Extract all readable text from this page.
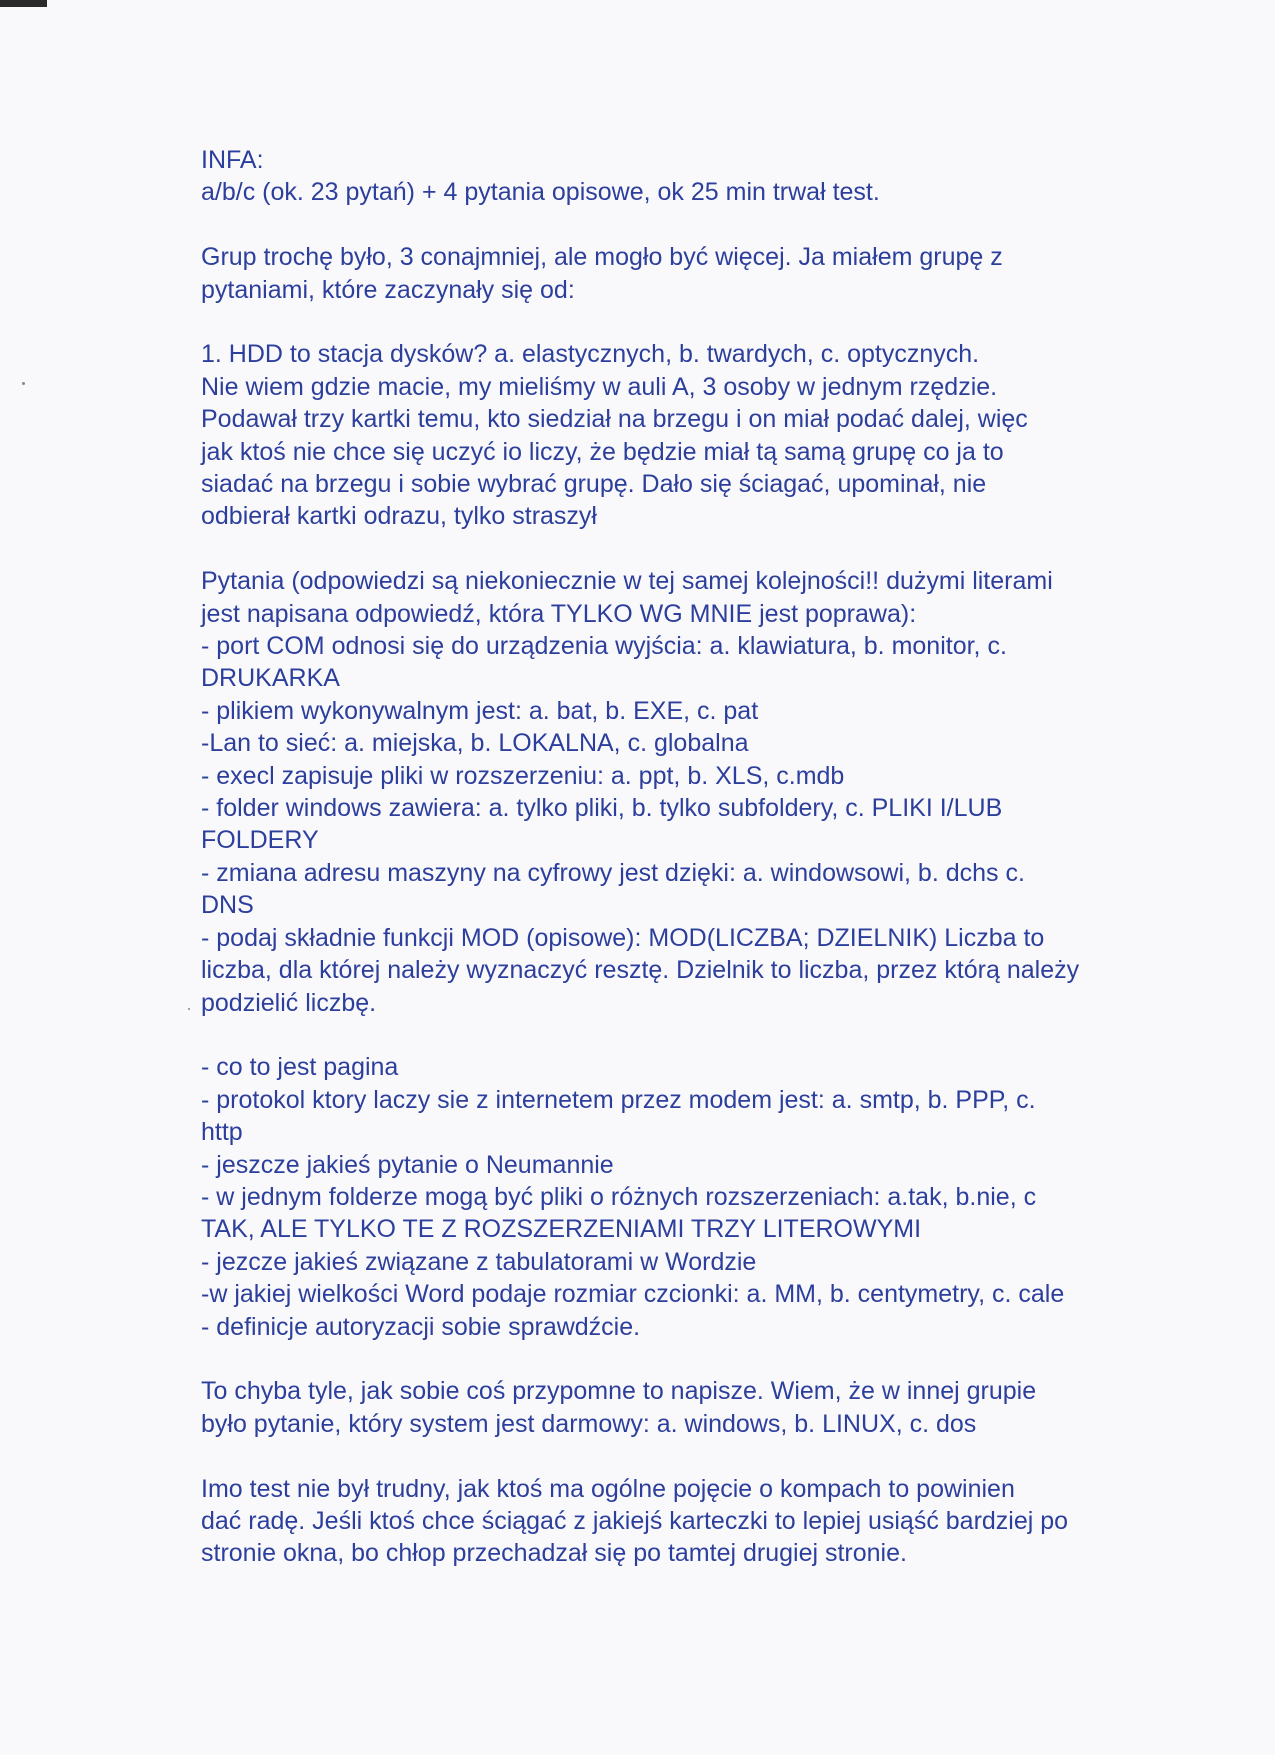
INFA:

a/b/c (ok. 23 pytań) + 4 pytania opisowe, ok 25 min trwał test.

Grup trochę było, 3 conajmniej, ale mogło być więcej. Ja miałem grupę z

pytaniami, które zaczynały się od:

1. HDD to stacja dysków? a. elastycznych, b. twardych, c. optycznych.

Nie wiem gdzie macie, my mieliśmy w auli A, 3 osoby w jednym rzędzie.

Podawał trzy kartki temu, kto siedział na brzegu i on miał podać dalej, więc

jak ktoś nie chce się uczyć io liczy, że będzie miał tą samą grupę co ja to

siadać na brzegu i sobie wybrać grupę. Dało się ściagać, upominał, nie

odbierał kartki odrazu, tylko straszył

Pytania (odpowiedzi są niekoniecznie w tej samej kolejności!! dużymi literami

jest napisana odpowiedź, która TYLKO WG MNIE jest poprawa):

- port COM odnosi się do urządzenia wyjścia: a. klawiatura, b. monitor, c.

DRUKARKA

- plikiem wykonywalnym jest: a. bat, b. EXE, c. pat

-Lan to sieć: a. miejska, b. LOKALNA, c. globalna

- execl zapisuje pliki w rozszerzeniu: a. ppt, b. XLS, c.mdb

- folder windows zawiera: a. tylko pliki, b. tylko subfoldery, c. PLIKI I/LUB

FOLDERY

- zmiana adresu maszyny na cyfrowy jest dzięki: a. windowsowi, b. dchs c.

DNS

- podaj składnie funkcji MOD (opisowe): MOD(LICZBA; DZIELNIK) Liczba to

liczba, dla której należy wyznaczyć resztę. Dzielnik to liczba, przez którą należy

podzielić liczbę.

- co to jest pagina

- protokol ktory laczy sie z internetem przez modem jest: a. smtp, b. PPP, c.

http

- jeszcze jakieś pytanie o Neumannie

- w jednym folderze mogą być pliki o różnych rozszerzeniach: a.tak, b.nie, c

TAK, ALE TYLKO TE Z ROZSZERZENIAMI TRZY LITEROWYMI

- jezcze jakieś związane z tabulatorami w Wordzie

-w jakiej wielkości Word podaje rozmiar czcionki: a. MM, b. centymetry, c. cale

- definicje autoryzacji sobie sprawdźcie.

To chyba tyle, jak sobie coś przypomne to napisze. Wiem, że w innej grupie

było pytanie, który system jest darmowy: a. windows, b. LINUX, c. dos

Imo test nie był trudny, jak ktoś ma ogólne pojęcie o kompach to powinien

dać radę. Jeśli ktoś chce ściągać z jakiejś karteczki to lepiej usiąść bardziej po

stronie okna, bo chłop przechadzał się po tamtej drugiej stronie.
